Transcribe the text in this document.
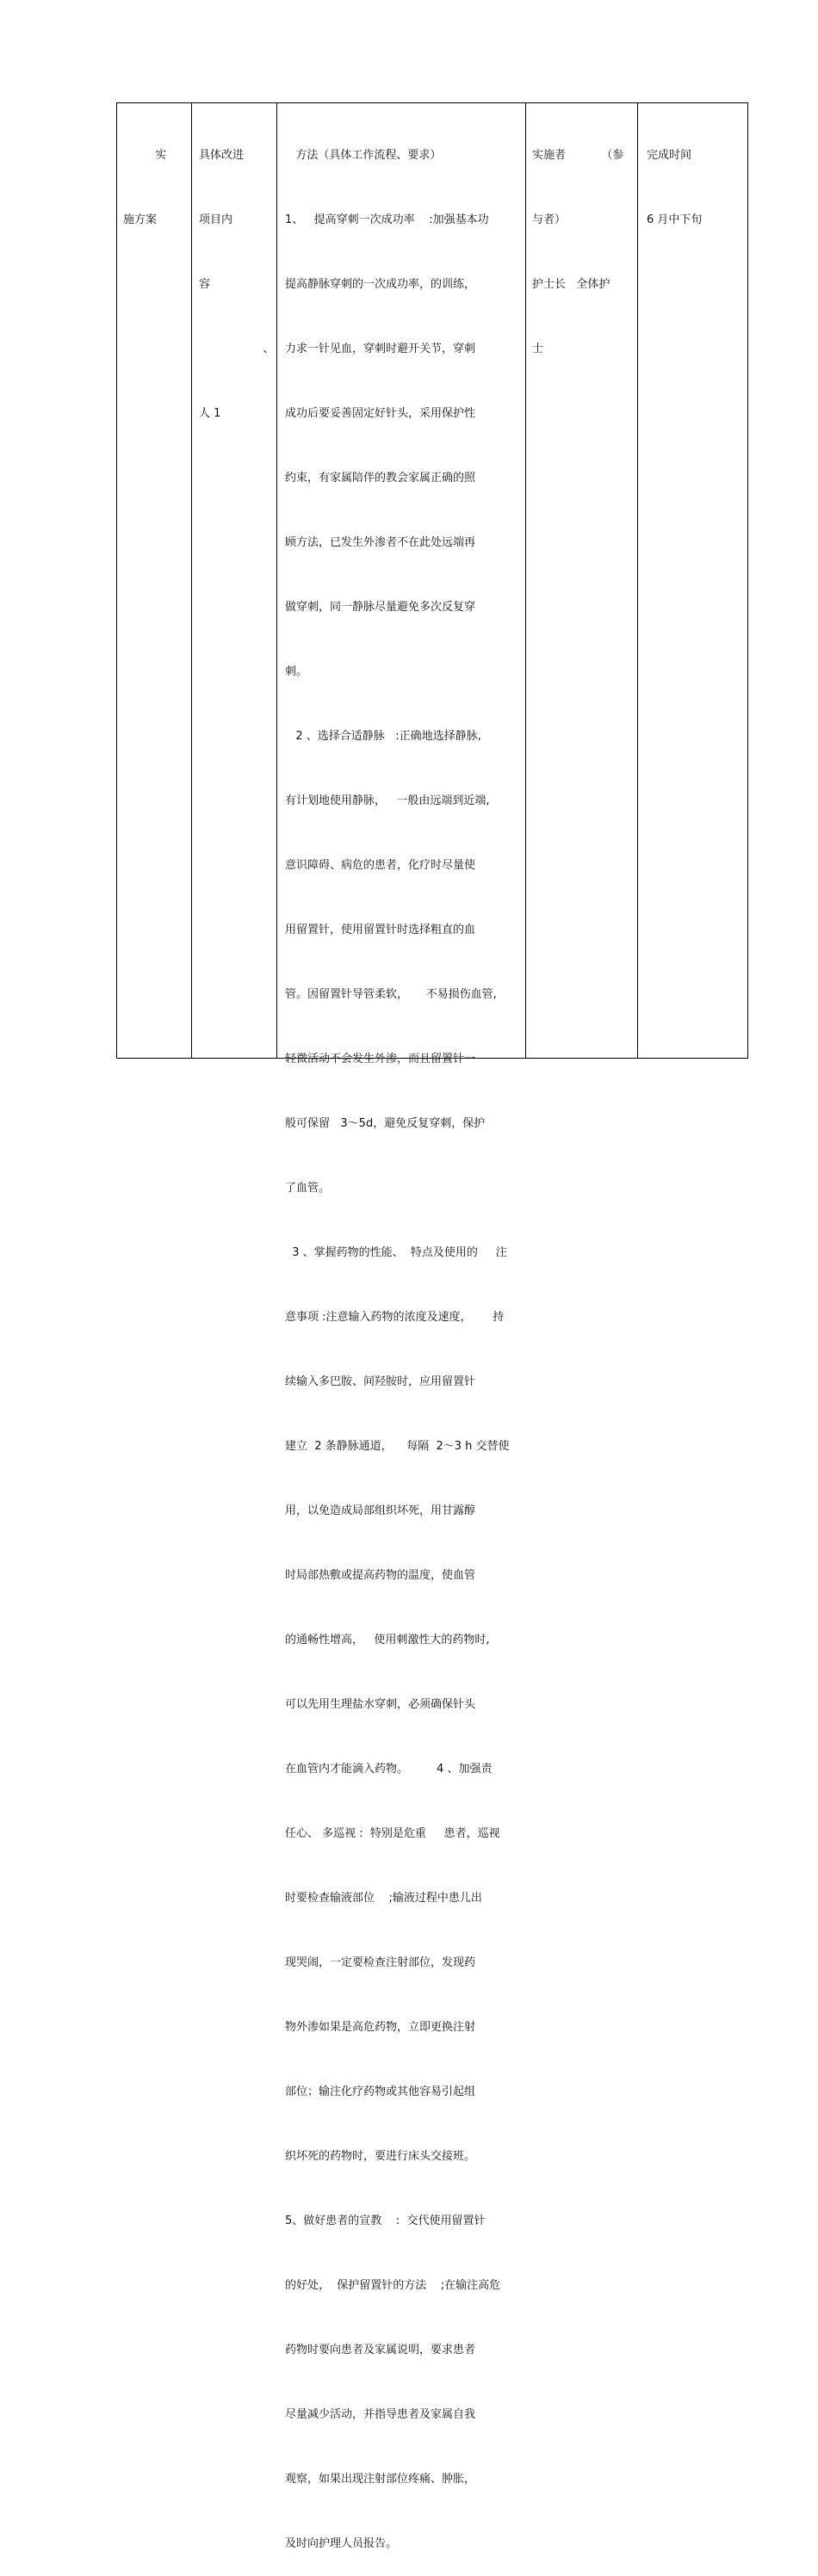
实

施方案

具体改进

项目内

容

、

人 1

方法（具体工作流程、要求）

1、   提高穿刺一次成功率    :加强基本功

提高静脉穿刺的一次成功率，的训练，

力求一针见血，穿刺时避开关节，穿刺

成功后要妥善固定好针头，采用保护性

约束，有家属陪伴的教会家属正确的照

顾方法，已发生外渗者不在此处远端再

做穿刺，同一静脉尽量避免多次反复穿

刺。

2 、选择合适静脉   :正确地选择静脉,

有计划地使用静脉，   一般由远端到近端,

意识障碍、病危的患者，化疗时尽量使

用留置针，使用留置针时选择粗直的血

管。因留置针导管柔软，     不易损伤血管,

轻微活动不会发生外渗，而且留置针一

般可保留   3～5d，避免反复穿刺，保护

了血管。

3 、掌握药物的性能、  特点及使用的     注

意事项 :注意输入药物的浓度及速度，      持

续输入多巴胺、间羟胺时，应用留置针

建立  2 条静脉通道，    每隔  2～3 h 交替使

用，以免造成局部组织坏死，用甘露醇

时局部热敷或提高药物的温度，使血管

的通畅性增高，   使用刺激性大的药物时,

可以先用生理盐水穿刺，必须确保针头

在血管内才能滴入药物。        4 、加强责

任心、 多巡视 :  特别是危重     患者，巡视

时要检查输液部位    ;输液过程中患儿出

现哭闹，一定要检查注射部位，发现药

物外渗如果是高危药物，立即更换注射

部位；输注化疗药物或其他容易引起组

织坏死的药物时，要进行床头交接班。

5、做好患者的宣教    :  交代使用留置针

的好处，  保护留置针的方法    ;在输注高危

药物时要向患者及家属说明，要求患者

尽量减少活动，并指导患者及家属自我

观察，如果出现注射部位疼痛、肿胀，

及时向护理人员报告。

实施者          （参

与者）

护士长   全体护

士

完成时间

6 月中下旬
